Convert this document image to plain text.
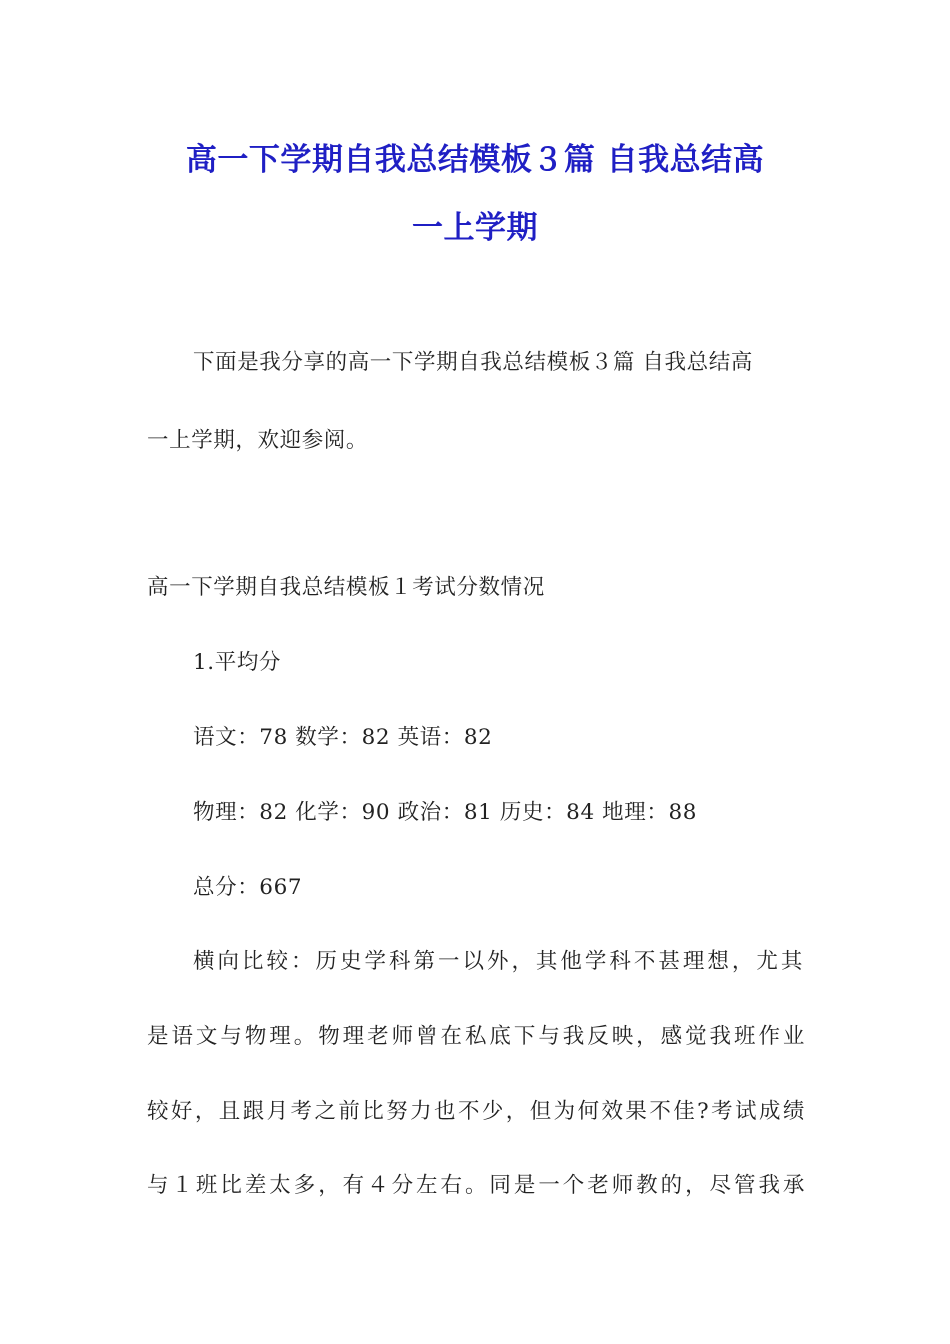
高一下学期自我总结模板３篇 自我总结高
一上学期
下面是我分享的高一下学期自我总结模板３篇 自我总结高
一上学期，欢迎参阅。
高一下学期自我总结模板１考试分数情况
1.平均分
语文：78 数学：82 英语：82
物理：82 化学：90 政治：81 历史：84 地理：88
总分：667
横向比较：历史学科第一以外，其他学科不甚理想，尤其
是语文与物理。物理老师曾在私底下与我反映，感觉我班作业
较好，且跟月考之前比努力也不少，但为何效果不佳?考试成绩
与１班比差太多，有４分左右。同是一个老师教的，尽管我承
